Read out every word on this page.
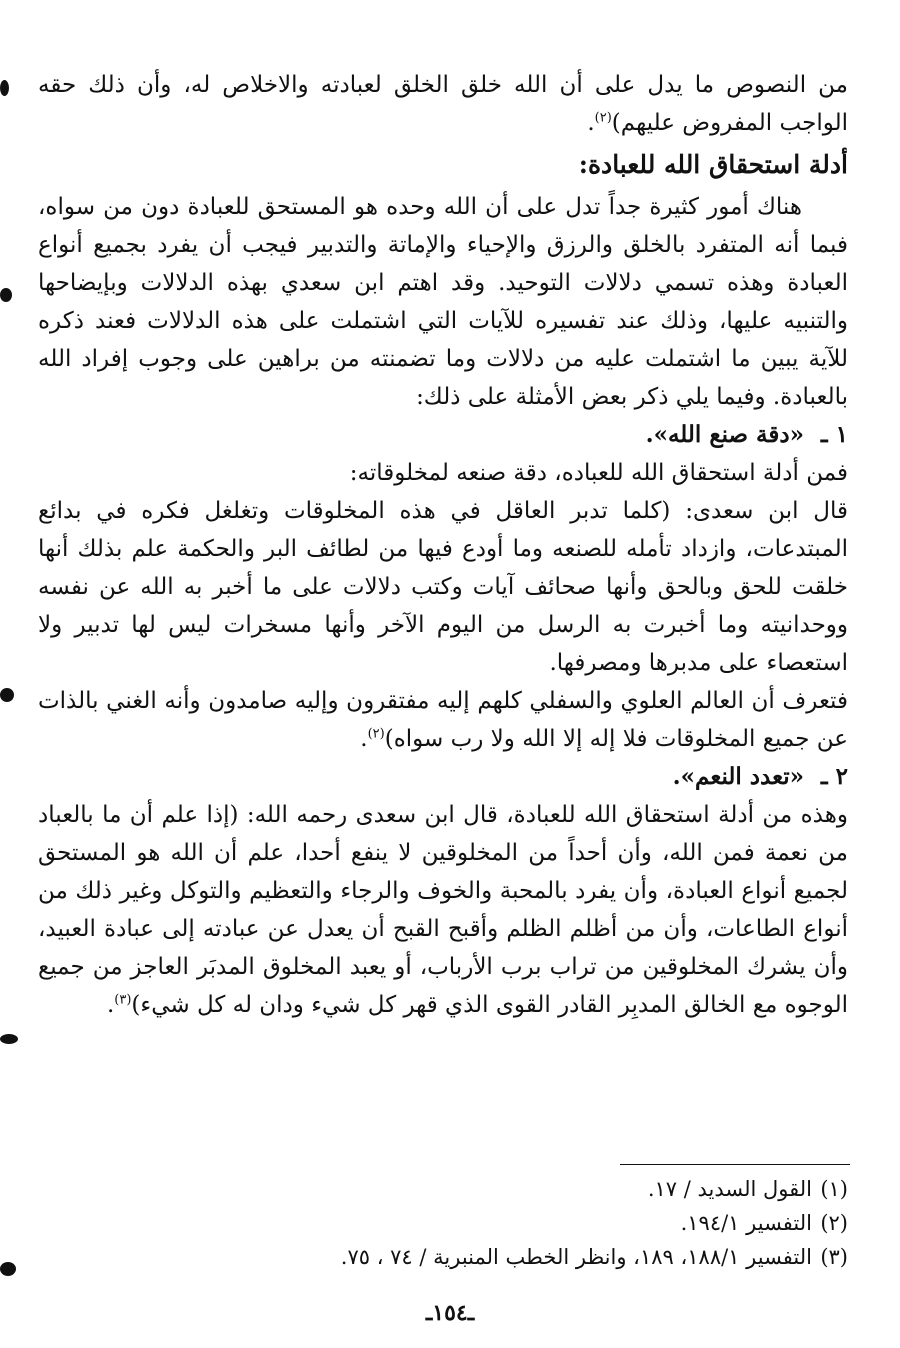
من النصوص ما يدل على أن الله خلق الخلق لعبادته والاخلاص له، وأن ذلك حقه الواجب المفروض عليهم)$^{(٢)}$.

أدلة استحقاق الله للعبادة:

هناك أمور كثيرة جداً تدل على أن الله وحده هو المستحق للعبادة دون من سواه، فبما أنه المتفرد بالخلق والرزق والإحياء والإماتة والتدبير فيجب أن يفرد بجميع أنواع العبادة وهذه تسمي دلالات التوحيد. وقد اهتم ابن سعدي بهذه الدلالات وبإيضاحها والتنبيه عليها، وذلك عند تفسيره للآيات التي اشتملت على هذه الدلالات فعند ذكره للآية يبين ما اشتملت عليه من دلالات وما تضمنته من براهين على وجوب إفراد الله بالعبادة. وفيما يلي ذكر بعض الأمثلة على ذلك:

١ ـ«دقة صنع الله».

فمن أدلة استحقاق الله للعباده، دقة صنعه لمخلوقاته:

قال ابن سعدى: (كلما تدبر العاقل في هذه المخلوقات وتغلغل فكره في بدائع المبتدعات، وازداد تأمله للصنعه وما أودع فيها من لطائف البر والحكمة علم بذلك أنها خلقت للحق وبالحق وأنها صحائف آيات وكتب دلالات على ما أخبر به الله عن نفسه ووحدانيته وما أخبرت به الرسل من اليوم الآخر وأنها مسخرات ليس لها تدبير ولا استعصاء على مدبرها ومصرفها.

فتعرف أن العالم العلوي والسفلي كلهم إليه مفتقرون وإليه صامدون وأنه الغني بالذات عن جميع المخلوقات فلا إله إلا الله ولا رب سواه)$^{(٢)}$.

٢ ـ«تعدد النعم».

وهذه من أدلة استحقاق الله للعبادة، قال ابن سعدى رحمه الله: (إذا علم أن ما بالعباد من نعمة فمن الله، وأن أحداً من المخلوقين لا ينفع أحدا، علم أن الله هو المستحق لجميع أنواع العبادة، وأن يفرد بالمحبة والخوف والرجاء والتعظيم والتوكل وغير ذلك من أنواع الطاعات، وأن من أظلم الظلم وأقبح القبح أن يعدل عن عبادته إلى عبادة العبيد، وأن يشرك المخلوقين من تراب برب الأرباب، أو يعبد المخلوق المدبَر العاجز من جميع الوجوه مع الخالق المدبِر القادر القوى الذي قهر كل شيء ودان له كل شيء)$^{(٣)}$.

(١)القول السديد / ١٧.
(٢)التفسير ١٩٤/١.
(٣)التفسير ١٨٨/١، ١٨٩، وانظر الخطب المنبرية / ٧٤ ، ٧٥.
ـ١٥٤ـ
